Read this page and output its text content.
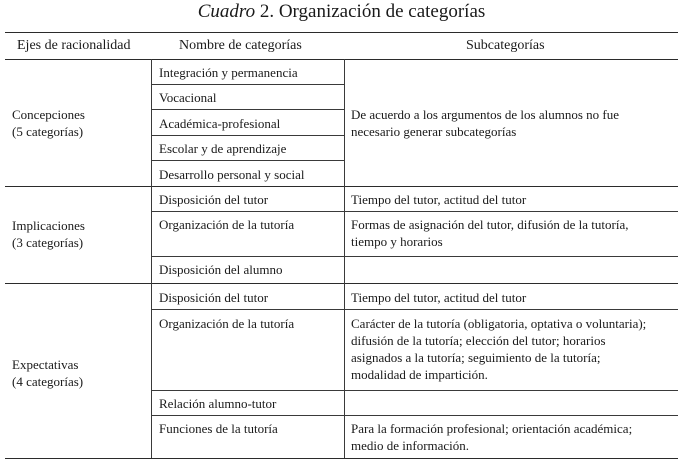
Cuadro 2. Organización de categorías
Ejes de racionalidad	Nombre de categorías	Subcategorías
Concepciones
(5 categorías)
Integración y permanencia
Vocacional
Académica-profesional
Escolar y de aprendizaje
Desarrollo personal y social
De acuerdo a los argumentos de los alumnos no fue
necesario generar subcategorías
Implicaciones
(3 categorías)
Disposición del tutor
Organización de la tutoría
Disposición del alumno
Tiempo del tutor, actitud del tutor
Formas de asignación del tutor, difusión de la tutoría,
tiempo y horarios
Expectativas
(4 categorías)
Disposición del tutor
Organización de la tutoría
Relación alumno-tutor
Funciones de la tutoría
Tiempo del tutor, actitud del tutor
Carácter de la tutoría (obligatoria, optativa o voluntaria);
difusión de la tutoría; elección del tutor; horarios
asignados a la tutoría; seguimiento de la tutoría;
modalidad de impartición.
Para la formación profesional; orientación académica;
medio de información.
